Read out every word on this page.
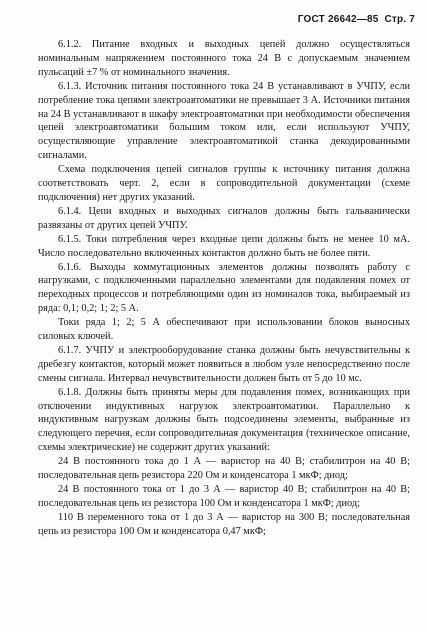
ГОСТ 26642—85 Стр. 7

6.1.2. Питание входных и выходных цепей должно осуществляться номинальным напряжением постоянного тока 24 В с допускаемым значением пульсаций ±7 % от номинального значения.

6.1.3. Источник питания постоянного тока 24 В устанавливают в УЧПУ, если потребление тока цепями электроавтоматики не превышает 3 А. Источники питания на 24 В устанавливают в шкафу электроавтоматики при необходимости обеспечения цепей электроавтоматики большим током или, если используют УЧПУ, осуществляющие управление электроавтоматикой станка декодированными сигналами.

Схема подключения цепей сигналов группы к источнику питания должна соответствовать черт. 2, если в сопроводительной документации (схеме подключения) нет других указаний.

6.1.4. Цепи входных и выходных сигналов должны быть гальванически развязаны от других цепей УЧПУ.

6.1.5. Токи потребления через входные цепи должны быть не менее 10 мА. Число последовательно включенных контактов должно быть не более пяти.

6.1.6. Выходы коммутационных элементов должны позволять работу с нагрузками, с подключенными параллельно элементами для подавления помех от переходных процессов и потребляющими один из номиналов тока, выбираемый из ряда: 0,1; 0,2; 1; 2; 5 А.

Токи ряда 1; 2; 5 А обеспечивают при использовании блоков выносных силовых ключей.

6.1.7. УЧПУ и электрооборудование станка должны быть нечувствительны к дребезгу контактов, который может появиться в любом узле непосредственно после смены сигнала. Интервал нечувствительности должен быть от 5 до 10 мс.

6.1.8. Должны быть приняты меры для подавления помех, возникающих при отключении индуктивных нагрузок электроавтоматики. Параллельно к индуктивным нагрузкам должны быть подсоединены элементы, выбранные из следующего перечня, если сопроводительная документация (техническое описание, схемы электрические) не содержит других указаний:

24 В постоянного тока до 1 А — варистор на 40 В; стабилитрон на 40 В; последовательная цепь резистора 220 Ом и конденсатора 1 мкФ; диод;

24 В постоянного тока от 1 до 3 А — варистор 40 В; стабилитрон на 40 В; последовательная цепь из резистора 100 Ом и конденсатора 1 мкФ; диод;

110 В переменного тока от 1 до 3 А — варистор на 300 В; последовательная цепь из резистора 100 Ом и конденсатора 0,47 мкФ;
